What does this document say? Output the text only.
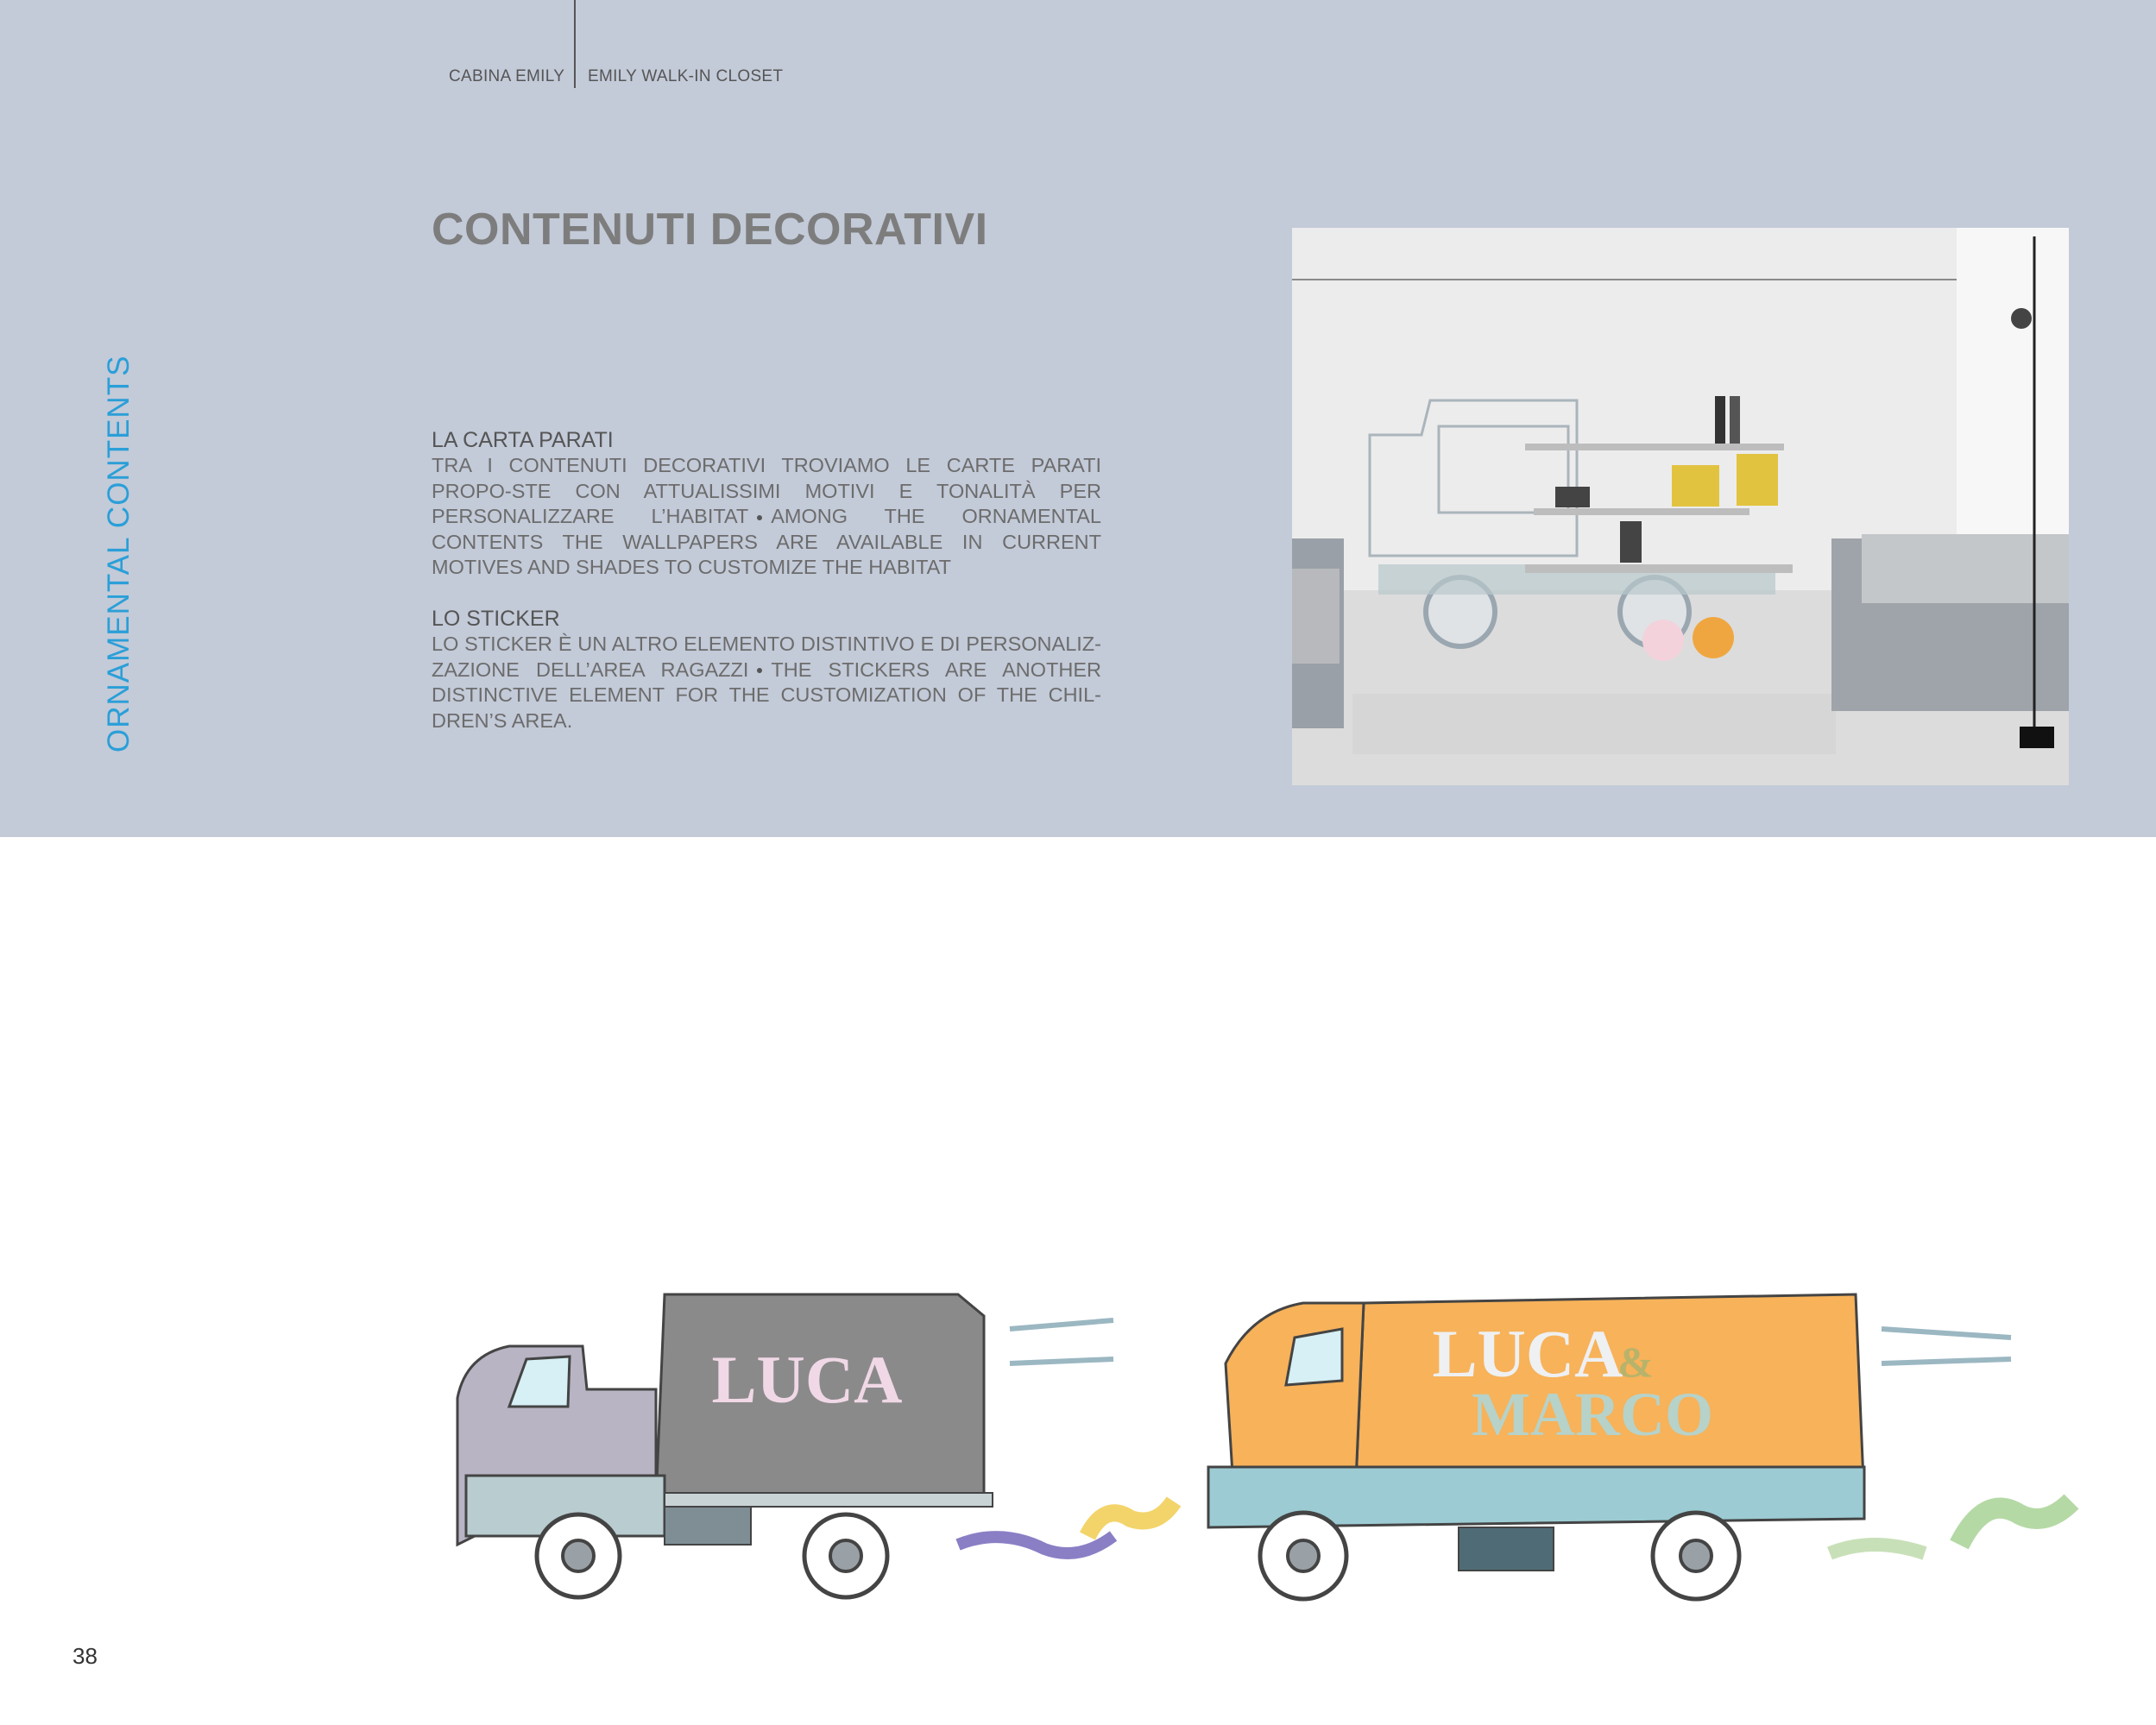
CABINA EMILY EMILY WALK-IN CLOSET
CONTENUTI DECORATIVI
ORNAMENTAL CONTENTS	LA CARTA PARATI

TRA I CONTENUTI DECORATIVI TROVIAMO LE CARTE PARATI PROPO-STE CON ATTUALISSIMI MOTIVI E TONALITÀ PER PERSONALIZZARE L’HABITAT AMONG THE ORNAMENTAL CONTENTS THE WALLPAPERS ARE AVAILABLE IN CURRENT MOTIVES AND SHADES TO CUSTOMIZE THE HABITAT

LO STICKER

LO STICKER È UN ALTRO ELEMENTO DISTINTIVO E DI PERSONALIZ-ZAZIONE DELL’AREA RAGAZZI THE STICKERS ARE ANOTHER DISTINCTIVE ELEMENT FOR THE CUSTOMIZATION OF THE CHIL-DREN’S AREA.

LUCA	LUCA
&
MARCO
38
